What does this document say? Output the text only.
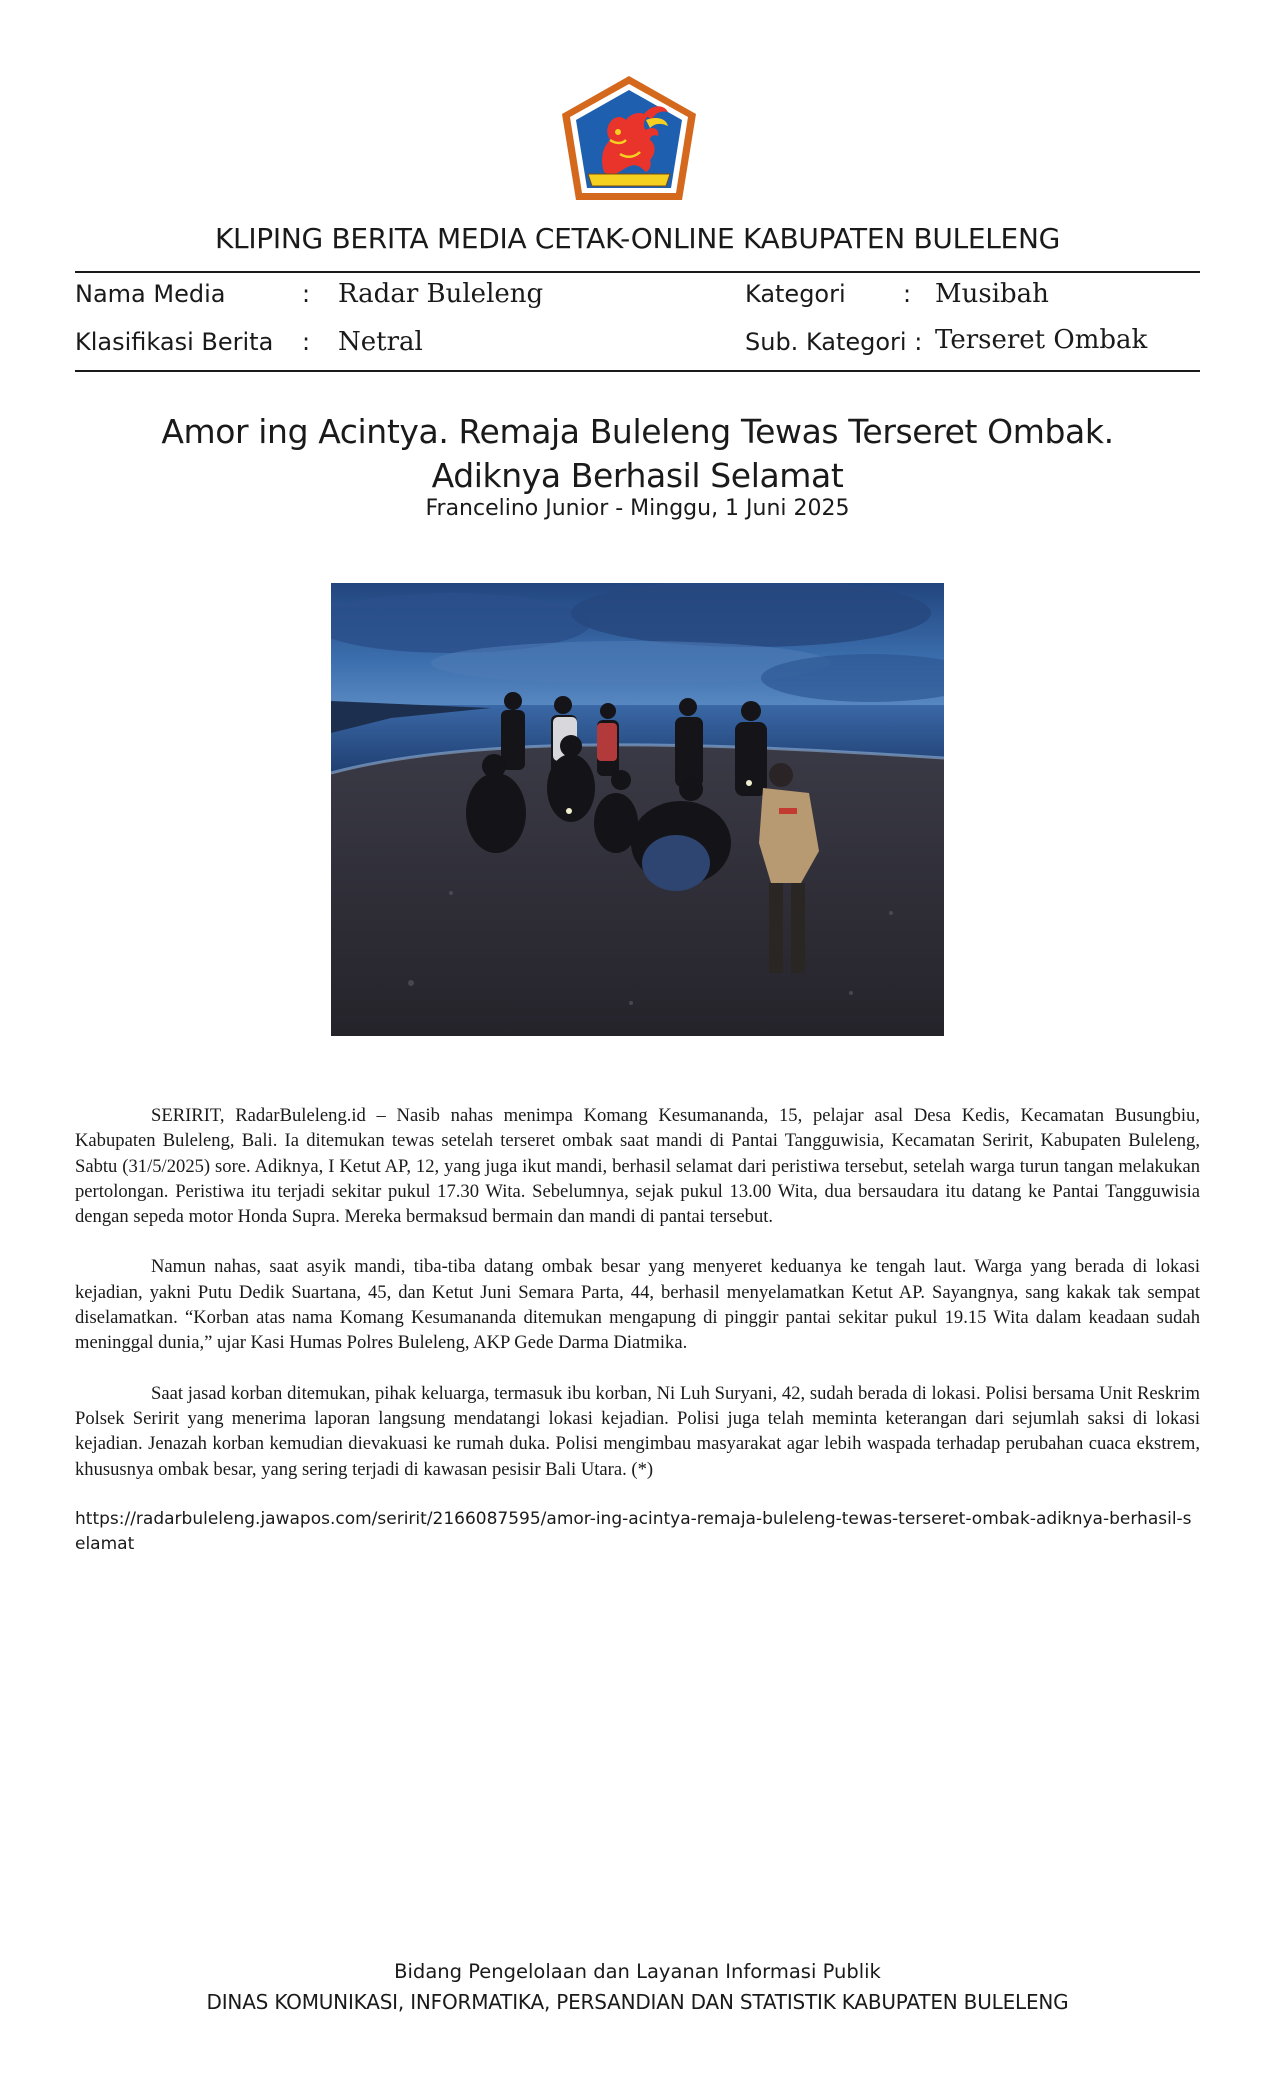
KLIPING BERITA MEDIA CETAK-ONLINE KABUPATEN BULELENG
Nama Media	: Radar Buleleng	Kategori : Musibah
Klasifikasi Berita : Netral	Sub. Kategori : Terseret Ombak
Amor ing Acintya. Remaja Buleleng Tewas Terseret Ombak.
Adiknya Berhasil Selamat
Francelino Junior - Minggu, 1 Juni 2025

SERIRIT, RadarBuleleng.id – Nasib nahas menimpa Komang Kesumananda, 15, pelajar asal Desa Kedis, Kecamatan Busungbiu, Kabupaten Buleleng, Bali. Ia ditemukan tewas setelah terseret ombak saat mandi di Pantai Tangguwisia, Kecamatan Seririt, Kabupaten Buleleng, Sabtu (31/5/2025) sore. Adiknya, I Ketut AP, 12, yang juga ikut mandi, berhasil selamat dari peristiwa tersebut, setelah warga turun tangan melakukan pertolongan. Peristiwa itu terjadi sekitar pukul 17.30 Wita. Sebelumnya, sejak pukul 13.00 Wita, dua bersaudara itu datang ke Pantai Tangguwisia dengan sepeda motor Honda Supra. Mereka bermaksud bermain dan mandi di pantai tersebut.

Namun nahas, saat asyik mandi, tiba-tiba datang ombak besar yang menyeret keduanya ke tengah laut. Warga yang berada di lokasi kejadian, yakni Putu Dedik Suartana, 45, dan Ketut Juni Semara Parta, 44, berhasil menyelamatkan Ketut AP. Sayangnya, sang kakak tak sempat diselamatkan. “Korban atas nama Komang Kesumananda ditemukan mengapung di pinggir pantai sekitar pukul 19.15 Wita dalam keadaan sudah meninggal dunia,” ujar Kasi Humas Polres Buleleng, AKP Gede Darma Diatmika.

Saat jasad korban ditemukan, pihak keluarga, termasuk ibu korban, Ni Luh Suryani, 42, sudah berada di lokasi. Polisi bersama Unit Reskrim Polsek Seririt yang menerima laporan langsung mendatangi lokasi kejadian. Polisi juga telah meminta keterangan dari sejumlah saksi di lokasi kejadian. Jenazah korban kemudian dievakuasi ke rumah duka. Polisi mengimbau masyarakat agar lebih waspada terhadap perubahan cuaca ekstrem, khususnya ombak besar, yang sering terjadi di kawasan pesisir Bali Utara. (*)

https://radarbuleleng.jawapos.com/seririt/2166087595/amor-ing-acintya-remaja-buleleng-tewas-terseret-ombak-adiknya-berhasil-selamat
Bidang Pengelolaan dan Layanan Informasi Publik
DINAS KOMUNIKASI, INFORMATIKA, PERSANDIAN DAN STATISTIK KABUPATEN BULELENG
